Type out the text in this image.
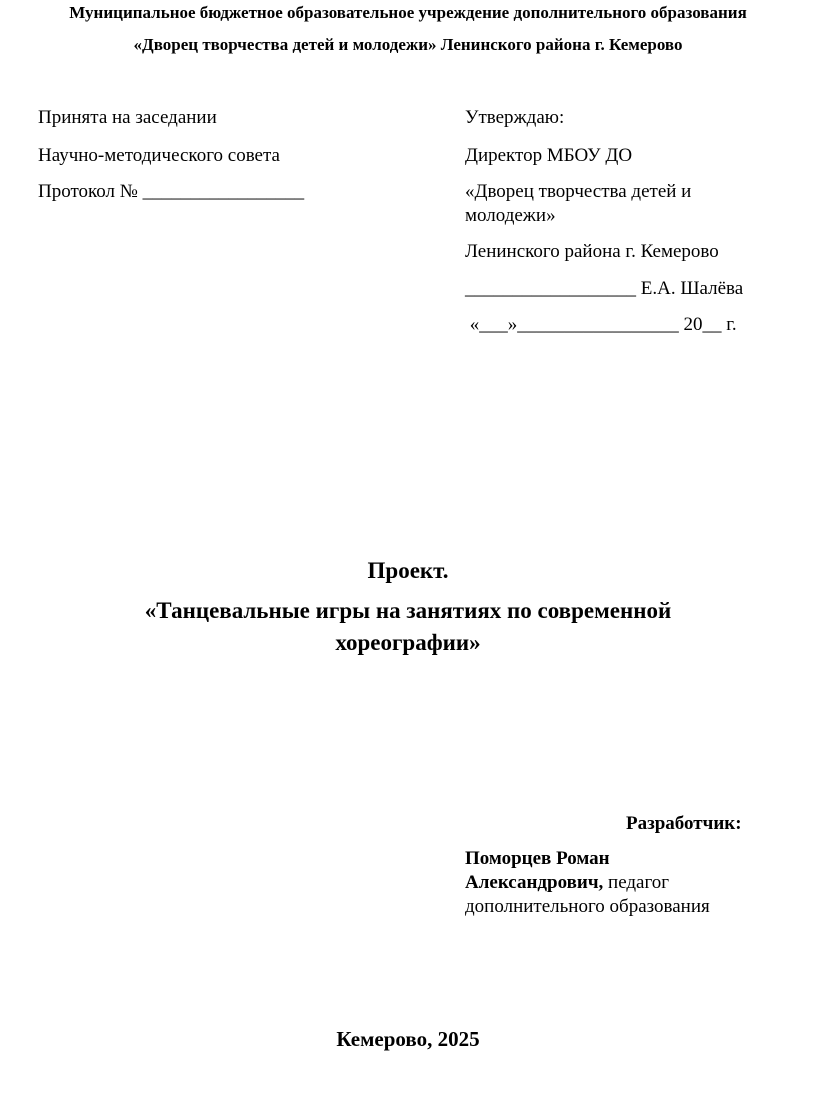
Муниципальное бюджетное образовательное учреждение дополнительного образования
«Дворец творчества детей и молодежи» Ленинского района г. Кемерово
Принята на заседании
Научно-методического совета
Протокол № _________________
Утверждаю:
Директор МБОУ ДО
«Дворец творчества детей и
молодежи»
Ленинского района г. Кемерово
__________________ Е.А. Шалёва
«___»_________________ 20__ г.
Проект.
«Танцевальные игры на занятиях по современной
хореографии»
Разработчик:
Поморцев Роман
Александрович, педагог
дополнительного образования
Кемерово, 2025
